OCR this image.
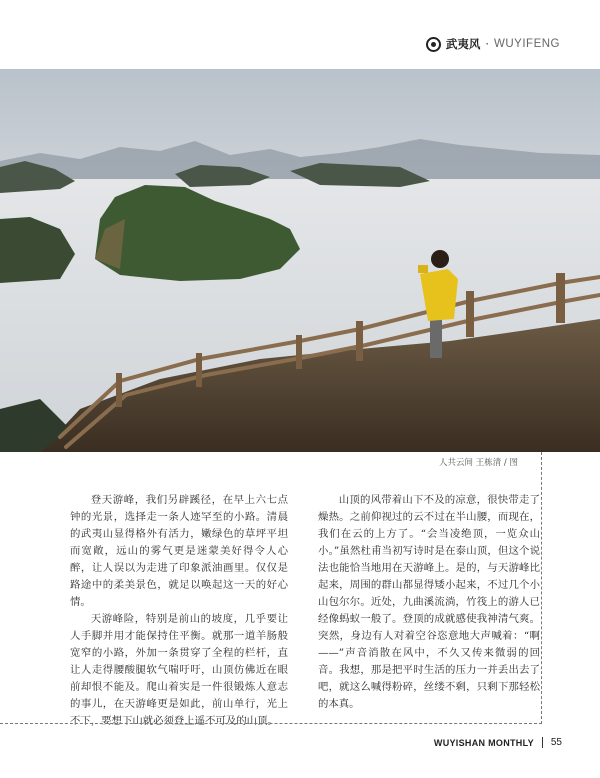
武夷风 · WUYIFENG
人共云间 王栋清 / 图

登天游峰，我们另辟蹊径，在早上六七点钟的光景，选择走一条人迹罕至的小路。清晨的武夷山显得格外有活力，嫩绿色的草坪平坦而宽敞，远山的雾气更是迷蒙美好得令人心醉，让人误以为走进了印象派油画里。仅仅是路途中的柔美景色，就足以唤起这一天的好心情。

天游峰险，特别是前山的坡度，几乎要让人手脚并用才能保持住平衡。就那一道羊肠般宽窄的小路，外加一条贯穿了全程的栏杆，直让人走得腰酸腿软气喘吁吁，山顶仿佛近在眼前却恨不能及。爬山着实是一件很锻炼人意志的事儿，在天游峰更是如此，前山单行，光上不下，要想下山就必须登上遥不可及的山顶。

山顶的风带着山下不及的凉意，很快带走了燥热。之前仰视过的云不过在半山腰，而现在，我们在云的上方了。“会当凌绝顶，一览众山小。”虽然杜甫当初写诗时是在泰山顶，但这个说法也能恰当地用在天游峰上。是的，与天游峰比起来，周围的群山都显得矮小起来，不过几个小山包尔尔。近处，九曲溪流淌，竹筏上的游人已经像蚂蚁一般了。登顶的成就感使我神清气爽。突然，身边有人对着空谷恣意地大声喊着：“啊——”声音消散在风中，不久又传来微弱的回音。我想，那是把平时生活的压力一并丢出去了吧，就这么喊得粉碎，丝缕不剩，只剩下那轻松的本真。

WUYISHAN MONTHLY 55
